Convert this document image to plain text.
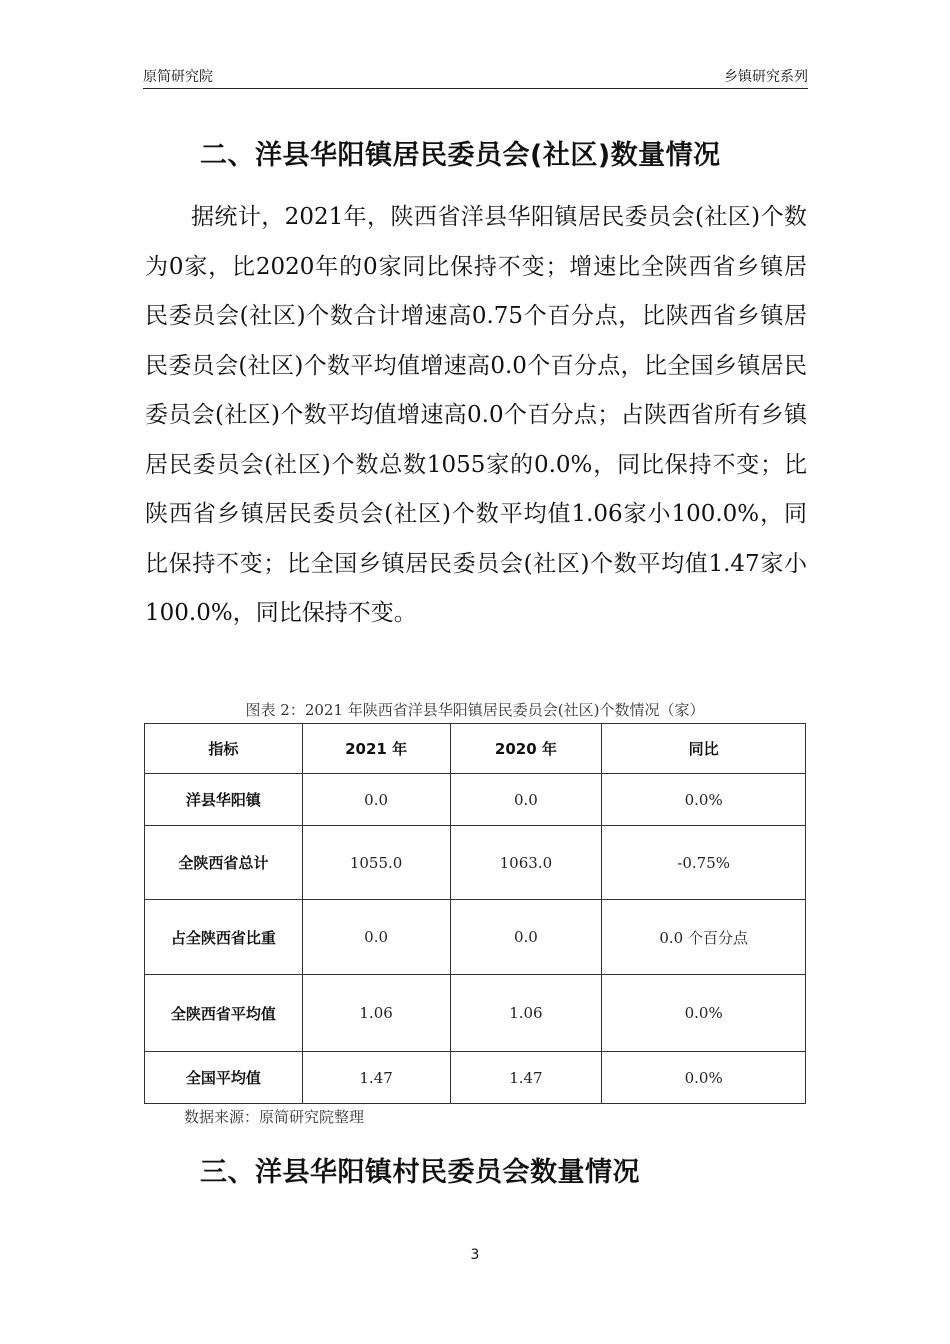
原简研究院	乡镇研究系列
二、洋县华阳镇居民委员会(社区)数量情况
据统计，2021年，陕西省洋县华阳镇居民委员会(社区)个数为0家，比2020年的0家同比保持不变；增速比全陕西省乡镇居民委员会(社区)个数合计增速高0.75个百分点，比陕西省乡镇居民委员会(社区)个数平均值增速高0.0个百分点，比全国乡镇居民委员会(社区)个数平均值增速高0.0个百分点；占陕西省所有乡镇居民委员会(社区)个数总数1055家的0.0%，同比保持不变；比陕西省乡镇居民委员会(社区)个数平均值1.06家小100.0%，同比保持不变；比全国乡镇居民委员会(社区)个数平均值1.47家小100.0%，同比保持不变。
图表 2：2021 年陕西省洋县华阳镇居民委员会(社区)个数情况（家）
指标	2021 年	2020 年	同比
洋县华阳镇	0.0	0.0	0.0%
全陕西省总计	1055.0	1063.0	-0.75%
占全陕西省比重	0.0	0.0	0.0 个百分点
全陕西省平均值	1.06	1.06	0.0%
全国平均值	1.47	1.47	0.0%
数据来源：原简研究院整理
三、洋县华阳镇村民委员会数量情况
3
